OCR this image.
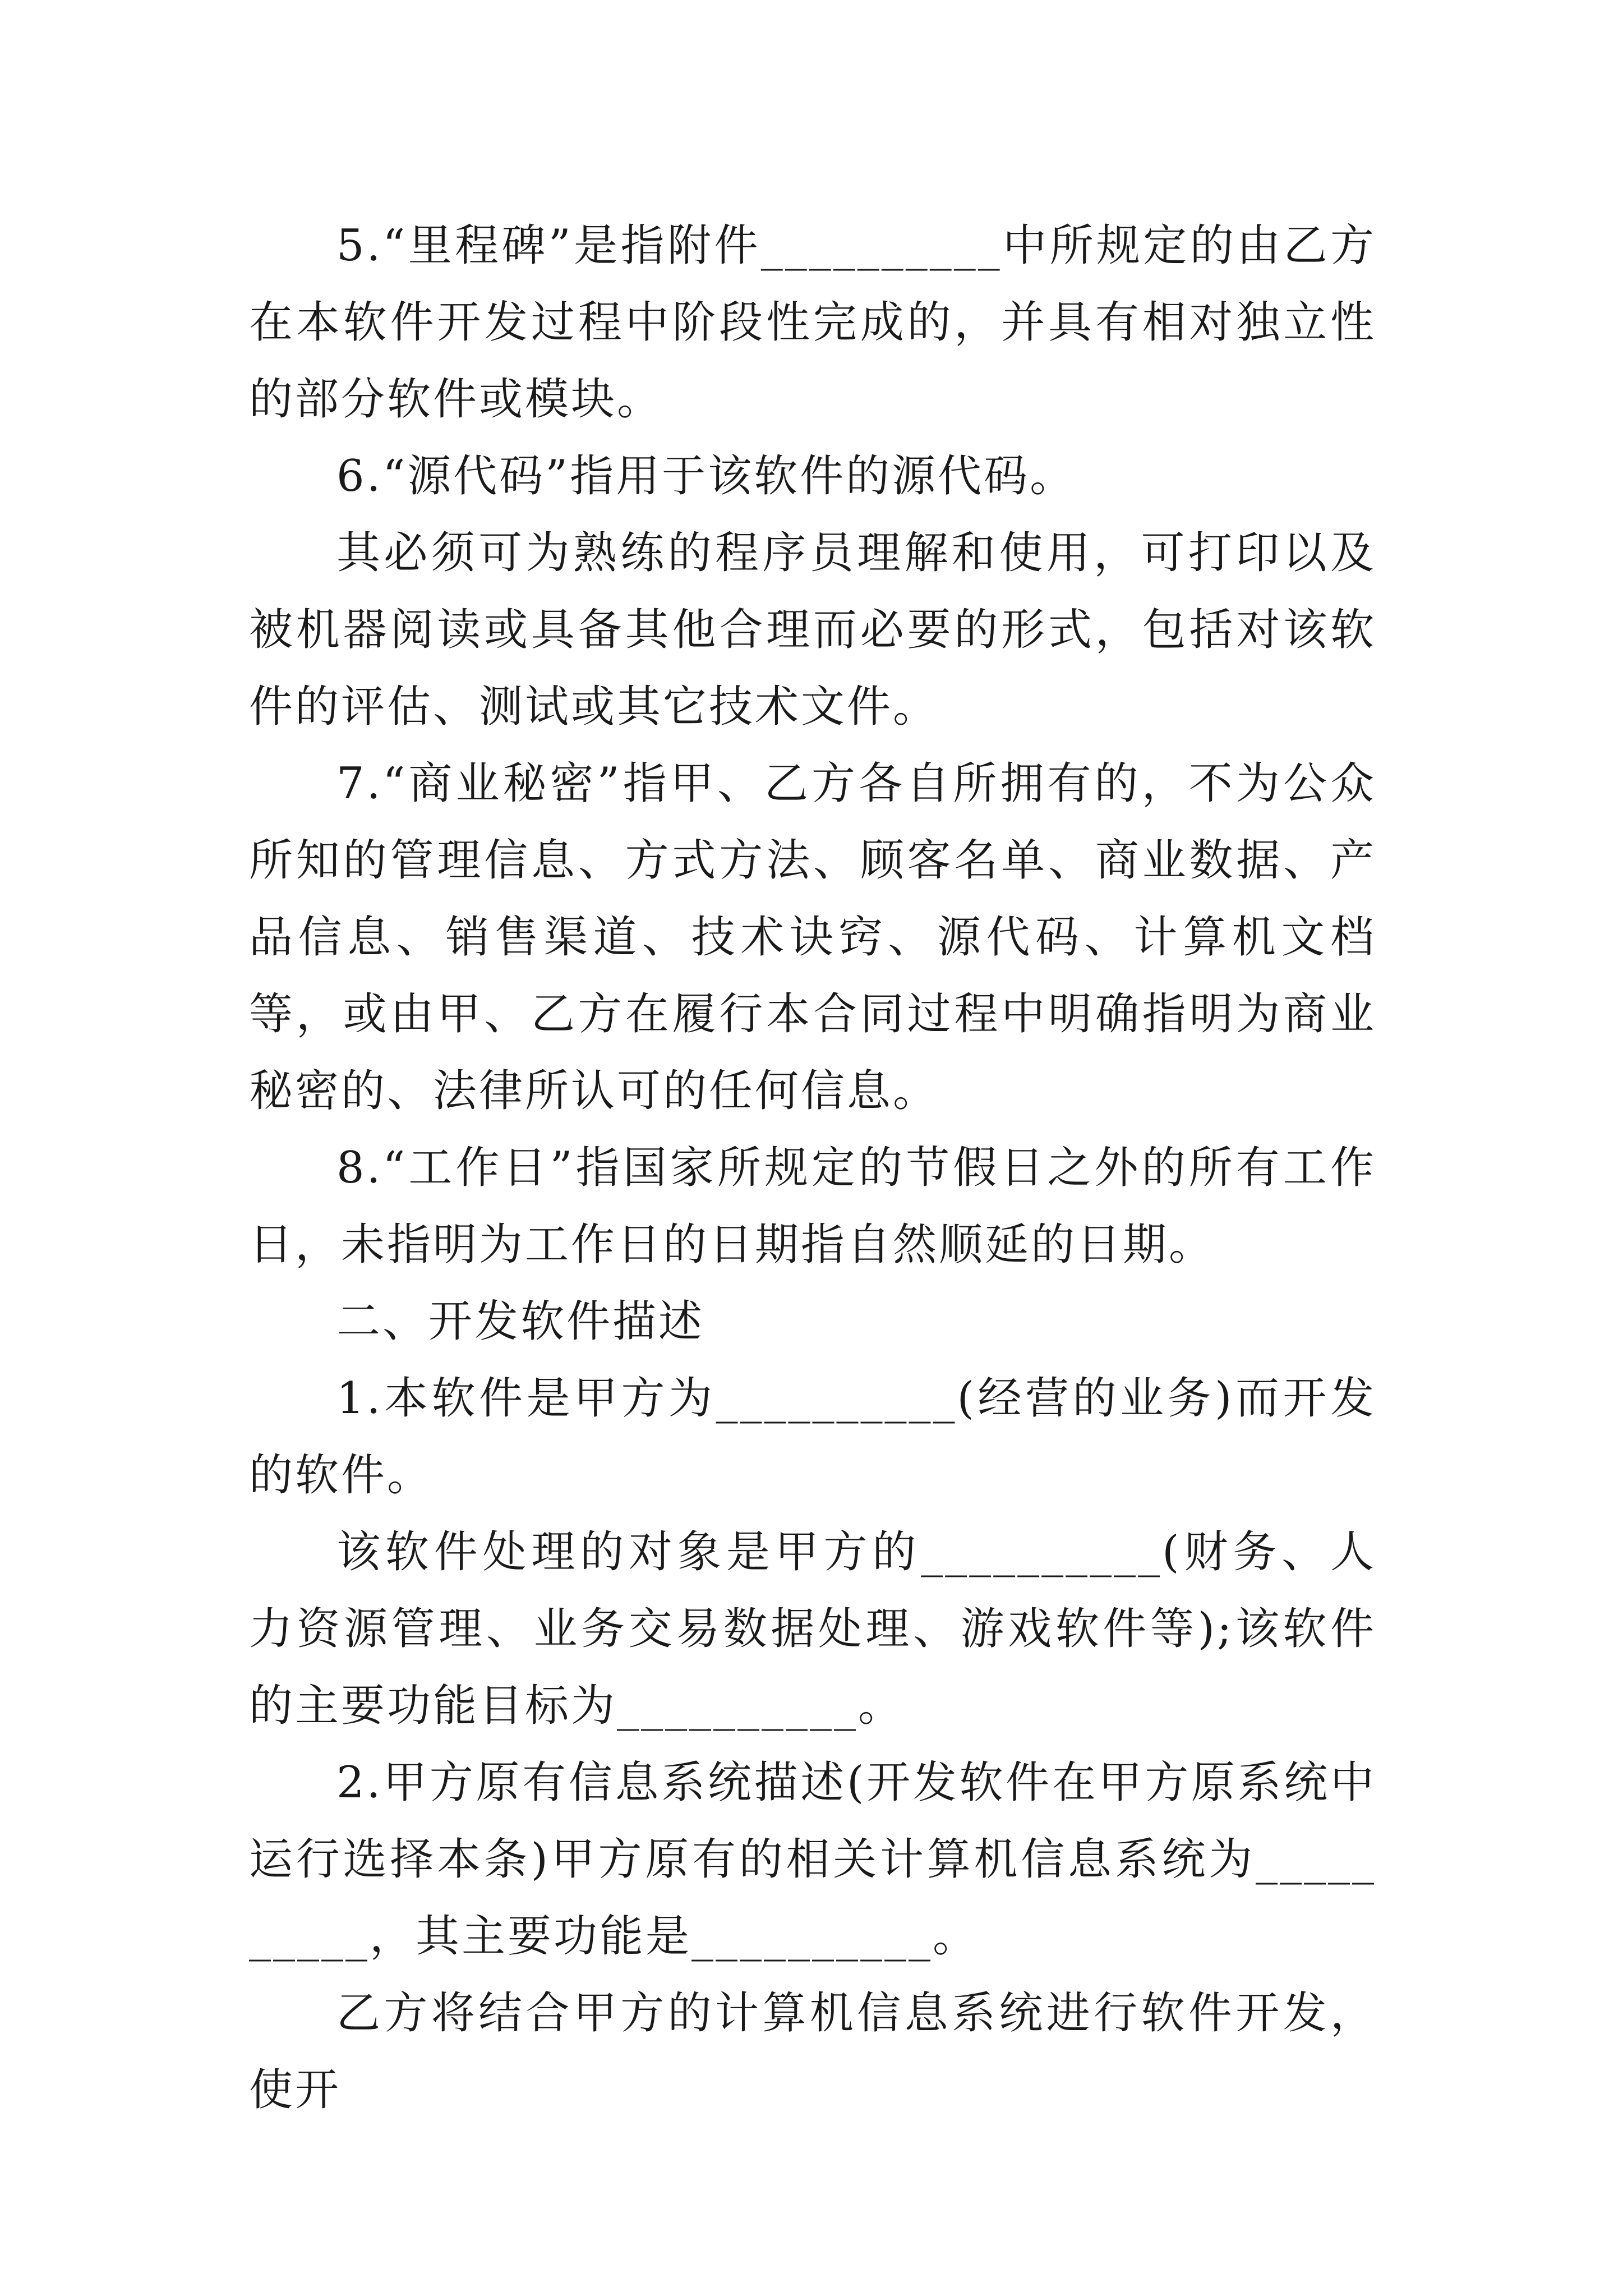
5.“里程碑”是指附件__________中所规定的由乙方在本软件开发过程中阶段性完成的，并具有相对独立性的部分软件或模块。

6.“源代码”指用于该软件的源代码。

其必须可为熟练的程序员理解和使用，可打印以及被机器阅读或具备其他合理而必要的形式，包括对该软件的评估、测试或其它技术文件。

7.“商业秘密”指甲、乙方各自所拥有的，不为公众所知的管理信息、方式方法、顾客名单、商业数据、产品信息、销售渠道、技术诀窍、源代码、计算机文档等，或由甲、乙方在履行本合同过程中明确指明为商业秘密的、法律所认可的任何信息。

8.“工作日”指国家所规定的节假日之外的所有工作日，未指明为工作日的日期指自然顺延的日期。

二、开发软件描述

1.本软件是甲方为__________(经营的业务)而开发的软件。

该软件处理的对象是甲方的__________(财务、人力资源管理、业务交易数据处理、游戏软件等);该软件的主要功能目标为__________。

2.甲方原有信息系统描述(开发软件在甲方原系统中运行选择本条)甲方原有的相关计算机信息系统为__________，其主要功能是__________。

乙方将结合甲方的计算机信息系统进行软件开发，使开
